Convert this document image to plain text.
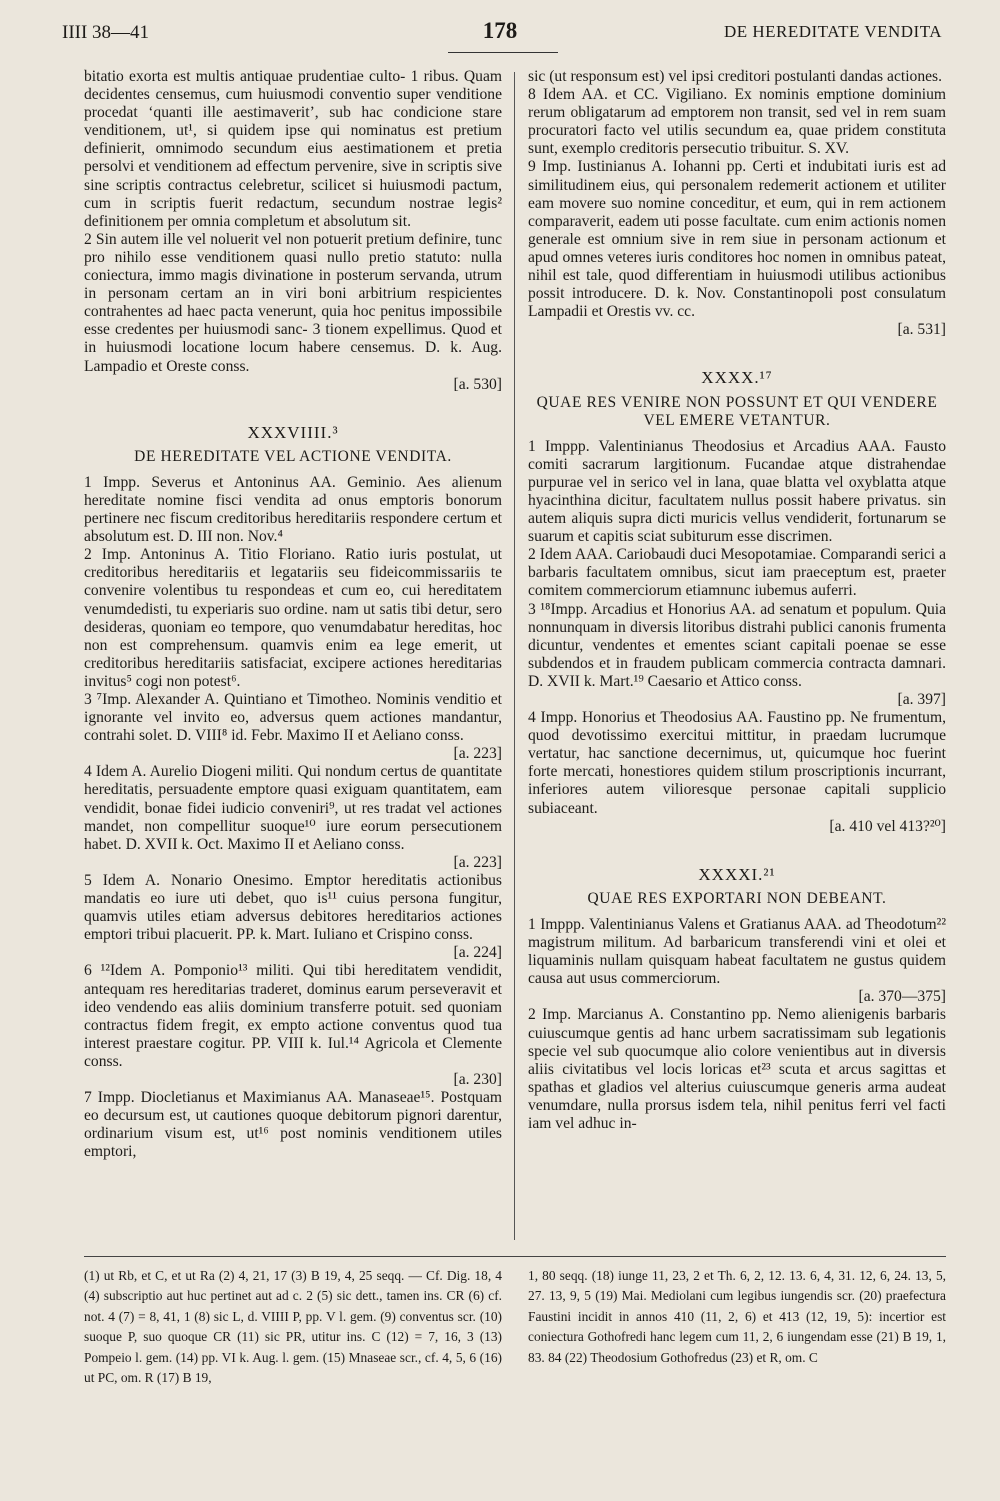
IIII 38—41	178	DE HEREDITATE VENDITA

bitatio exorta est multis antiquae prudentiae culto- 1 ribus. Quam decidentes censemus, cum huiusmodi conventio super venditione procedat ‘quanti ille aestimaverit’, sub hac condicione stare venditionem, ut¹, si quidem ipse qui nominatus est pretium definierit, omnimodo secundum eius aestimationem et pretia persolvi et venditionem ad effectum pervenire, sive in scriptis sive sine scriptis contractus celebretur, scilicet si huiusmodi pactum, cum in scriptis fuerit redactum, secundum nostrae legis² definitionem per omnia completum et absolutum sit.

2 Sin autem ille vel noluerit vel non potuerit pretium definire, tunc pro nihilo esse venditionem quasi nullo pretio statuto: nulla coniectura, immo magis divinatione in posterum servanda, utrum in personam certam an in viri boni arbitrium respicientes contrahentes ad haec pacta venerunt, quia hoc penitus impossibile esse credentes per huiusmodi sanc- 3 tionem expellimus. Quod et in huiusmodi locatione locum habere censemus. D. k. Aug. Lampadio et Oreste conss.

[a. 530]

XXXVIIII.³
DE HEREDITATE VEL ACTIONE VENDITA.

1 Impp. Severus et Antoninus AA. Geminio. Aes alienum hereditate nomine fisci vendita ad onus emptoris bonorum pertinere nec fiscum creditoribus hereditariis respondere certum et absolutum est. D. III non. Nov.⁴

2 Imp. Antoninus A. Titio Floriano. Ratio iuris postulat, ut creditoribus hereditariis et legatariis seu fideicommissariis te convenire volentibus tu respondeas et cum eo, cui hereditatem venumdedisti, tu experiaris suo ordine. nam ut satis tibi detur, sero desideras, quoniam eo tempore, quo venumdabatur hereditas, hoc non est comprehensum. quamvis enim ea lege emerit, ut creditoribus hereditariis satisfaciat, excipere actiones hereditarias invitus⁵ cogi non potest⁶.

3 ⁷Imp. Alexander A. Quintiano et Timotheo. Nominis venditio et ignorante vel invito eo, adversus quem actiones mandantur, contrahi solet. D. VIII⁸ id. Febr. Maximo II et Aeliano conss.

[a. 223]

4 Idem A. Aurelio Diogeni militi. Qui nondum certus de quantitate hereditatis, persuadente emptore quasi exiguam quantitatem, eam vendidit, bonae fidei iudicio conveniri⁹, ut res tradat vel actiones mandet, non compellitur suoque¹⁰ iure eorum persecutionem habet. D. XVII k. Oct. Maximo II et Aeliano conss.

[a. 223]

5 Idem A. Nonario Onesimo. Emptor hereditatis actionibus mandatis eo iure uti debet, quo is¹¹ cuius persona fungitur, quamvis utiles etiam adversus debitores hereditarios actiones emptori tribui placuerit. PP. k. Mart. Iuliano et Crispino conss.

[a. 224]

6 ¹²Idem A. Pomponio¹³ militi. Qui tibi hereditatem vendidit, antequam res hereditarias traderet, dominus earum perseveravit et ideo vendendo eas aliis dominium transferre potuit. sed quoniam contractus fidem fregit, ex empto actione conventus quod tua interest praestare cogitur. PP. VIII k. Iul.¹⁴ Agricola et Clemente conss.

[a. 230]

7 Impp. Diocletianus et Maximianus AA. Manaseae¹⁵. Postquam eo decursum est, ut cautiones quoque debitorum pignori darentur, ordinarium visum est, ut¹⁶ post nominis venditionem utiles emptori,

sic (ut responsum est) vel ipsi creditori postulanti dandas actiones.

8 Idem AA. et CC. Vigiliano. Ex nominis emptione dominium rerum obligatarum ad emptorem non transit, sed vel in rem suam procuratori facto vel utilis secundum ea, quae pridem constituta sunt, exemplo creditoris persecutio tribuitur. S. XV.

9 Imp. Iustinianus A. Iohanni pp. Certi et indubitati iuris est ad similitudinem eius, qui personalem redemerit actionem et utiliter eam movere suo nomine conceditur, et eum, qui in rem actionem comparaverit, eadem uti posse facultate. cum enim actionis nomen generale est omnium sive in rem siue in personam actionum et apud omnes veteres iuris conditores hoc nomen in omnibus pateat, nihil est tale, quod differentiam in huiusmodi utilibus actionibus possit introducere. D. k. Nov. Constantinopoli post consulatum Lampadii et Orestis vv. cc.

[a. 531]

XXXX.¹⁷
QUAE RES VENIRE NON POSSUNT ET QUI VENDERE VEL EMERE VETANTUR.

1 Imppp. Valentinianus Theodosius et Arcadius AAA. Fausto comiti sacrarum largitionum. Fucandae atque distrahendae purpurae vel in serico vel in lana, quae blatta vel oxyblatta atque hyacinthina dicitur, facultatem nullus possit habere privatus. sin autem aliquis supra dicti muricis vellus vendiderit, fortunarum se suarum et capitis sciat subiturum esse discrimen.

2 Idem AAA. Cariobaudi duci Mesopotamiae. Comparandi serici a barbaris facultatem omnibus, sicut iam praeceptum est, praeter comitem commerciorum etiamnunc iubemus auferri.

3 ¹⁸Impp. Arcadius et Honorius AA. ad senatum et populum. Quia nonnunquam in diversis litoribus distrahi publici canonis frumenta dicuntur, vendentes et ementes sciant capitali poenae se esse subdendos et in fraudem publicam commercia contracta damnari. D. XVII k. Mart.¹⁹ Caesario et Attico conss.

[a. 397]

4 Impp. Honorius et Theodosius AA. Faustino pp. Ne frumentum, quod devotissimo exercitui mittitur, in praedam lucrumque vertatur, hac sanctione decernimus, ut, quicumque hoc fuerint forte mercati, honestiores quidem stilum proscriptionis incurrant, inferiores autem vilioresque personae capitali supplicio subiaceant.

[a. 410 vel 413?²⁰]

XXXXI.²¹
QUAE RES EXPORTARI NON DEBEANT.

1 Imppp. Valentinianus Valens et Gratianus AAA. ad Theodotum²² magistrum militum. Ad barbaricum transferendi vini et olei et liquaminis nullam quisquam habeat facultatem ne gustus quidem causa aut usus commerciorum.

[a. 370—375]

2 Imp. Marcianus A. Constantino pp. Nemo alienigenis barbaris cuiuscumque gentis ad hanc urbem sacratissimam sub legationis specie vel sub quocumque alio colore venientibus aut in diversis aliis civitatibus vel locis loricas et²³ scuta et arcus sagittas et spathas et gladios vel alterius cuiuscumque generis arma audeat venumdare, nulla prorsus isdem tela, nihil penitus ferri vel facti iam vel adhuc in-

(1) ut Rb, et C, et ut Ra (2) 4, 21, 17 (3) B 19, 4, 25 seqq. — Cf. Dig. 18, 4 (4) subscriptio aut huc pertinet aut ad c. 2 (5) sic dett., tamen ins. CR (6) cf. not. 4 (7) = 8, 41, 1 (8) sic L, d. VIIII P, pp. V l. gem. (9) conventus scr. (10) suoque P, suo quoque CR (11) sic PR, utitur ins. C (12) = 7, 16, 3 (13) Pompeio l. gem. (14) pp. VI k. Aug. l. gem. (15) Mnaseae scr., cf. 4, 5, 6 (16) ut PC, om. R (17) B 19,

1, 80 seqq. (18) iunge 11, 23, 2 et Th. 6, 2, 12. 13. 6, 4, 31. 12, 6, 24. 13, 5, 27. 13, 9, 5 (19) Mai. Mediolani cum legibus iungendis scr. (20) praefectura Faustini incidit in annos 410 (11, 2, 6) et 413 (12, 19, 5): incertior est coniectura Gothofredi hanc legem cum 11, 2, 6 iungendam esse (21) B 19, 1, 83. 84 (22) Theodosium Gothofredus (23) et R, om. C
